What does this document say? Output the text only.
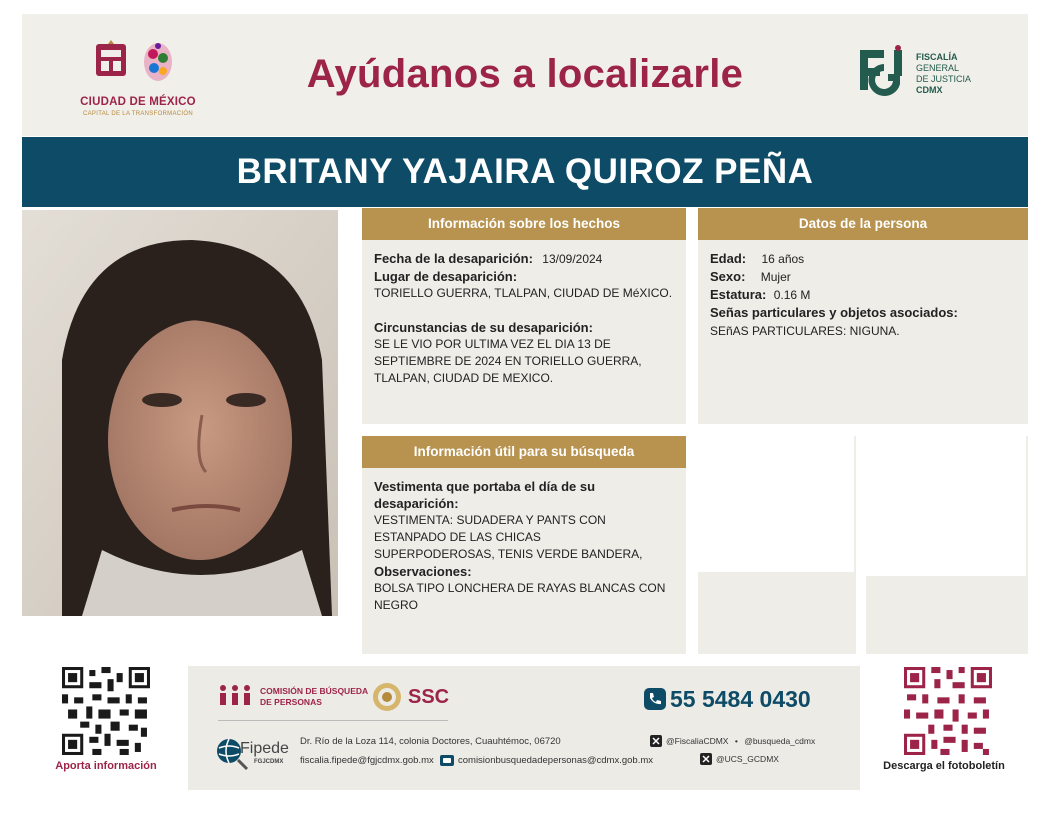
CIUDAD DE MÉXICO
CAPITAL DE LA TRANSFORMACIÓN
Ayúdanos a localizarle	FISCALÍA
GENERAL
DE JUSTICIA
CDMX
BRITANY YAJAIRA QUIROZ PEÑA
Información sobre los hechos
Fecha de la desaparición: 13/09/2024
Lugar de desaparición:
TORIELLO GUERRA, TLALPAN, CIUDAD DE MéXICO.
Circunstancias de su desaparición:
SE LE VIO POR ULTIMA VEZ EL DIA 13 DE SEPTIEMBRE DE 2024 EN TORIELLO GUERRA, TLALPAN, CIUDAD DE MEXICO.
Datos de la persona
Edad: 16 años
Sexo: Mujer
Estatura: 0.16 M
Señas particulares y objetos asociados:
SEñAS PARTICULARES: NIGUNA.
Información útil para su búsqueda
Vestimenta que portaba el día de su desaparición:
VESTIMENTA: SUDADERA Y PANTS CON ESTANPADO DE LAS CHICAS SUPERPODEROSAS, TENIS VERDE BANDERA,
Observaciones:
BOLSA TIPO LONCHERA DE RAYAS BLANCAS CON NEGRO
Aporta información	Descarga el fotoboletín
COMISIÓN DE BÚSQUEDA
DE PERSONAS	SSC	55 5484 0430
Fipede
FGJCDMX
Dr. Río de la Loza 114, colonia Doctores, Cuauhtémoc, 06720
fiscalia.fipede@fgjcdmx.gob.mx	comisionbusquedadepersonas@cdmx.gob.mx
@FiscaliaCDMX • @busqueda_cdmx
@UCS_GCDMX
